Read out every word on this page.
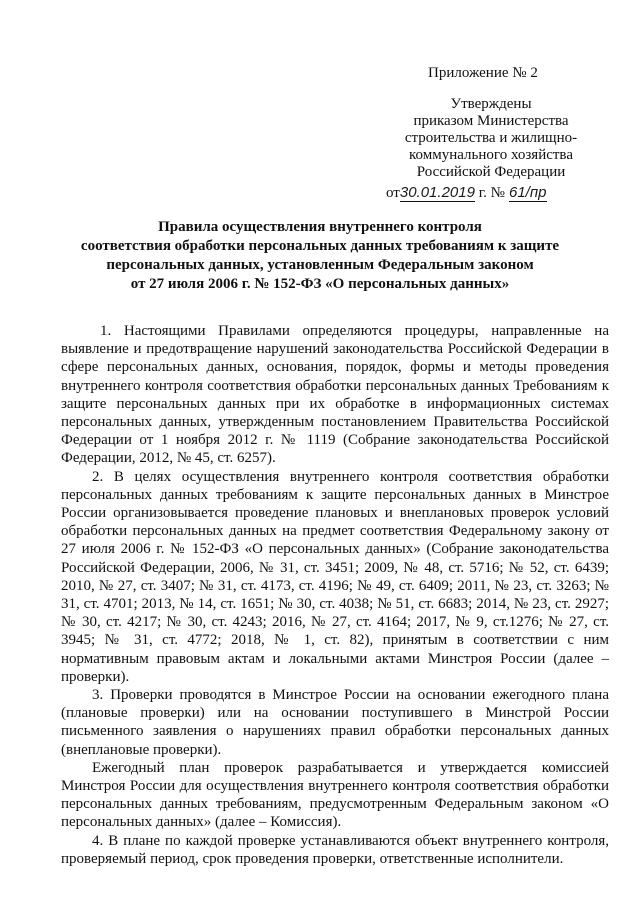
Приложение № 2
Утверждены
приказом Министерства
строительства и жилищно-
коммунального хозяйства
Российской Федерации
от30.01.2019 г. № 61/пр
Правила осуществления внутреннего контроля
соответствия обработки персональных данных требованиям к защите
персональных данных, установленным Федеральным законом
от 27 июля 2006 г. № 152-ФЗ «О персональных данных»

1. Настоящими Правилами определяются процедуры, направленные на выявление и предотвращение нарушений законодательства Российской Федерации в сфере персональных данных, основания, порядок, формы и методы проведения внутреннего контроля соответствия обработки персональных данных Требованиям к защите персональных данных при их обработке в информационных системах персональных данных, утвержденным постановлением Правительства Российской Федерации от 1 ноября 2012 г. № 1119 (Собрание законодательства Российской Федерации, 2012, № 45, ст. 6257).

2. В целях осуществления внутреннего контроля соответствия обработки персональных данных требованиям к защите персональных данных в Минстрое России организовывается проведение плановых и внеплановых проверок условий обработки персональных данных на предмет соответствия Федеральному закону от 27 июля 2006 г. № 152-ФЗ «О персональных данных» (Собрание законодательства Российской Федерации, 2006, № 31, ст. 3451; 2009, № 48, ст. 5716; № 52, ст. 6439; 2010, № 27, ст. 3407; № 31, ст. 4173, ст. 4196; № 49, ст. 6409; 2011, № 23, ст. 3263; № 31, ст. 4701; 2013, № 14, ст. 1651; № 30, ст. 4038; № 51, ст. 6683; 2014, № 23, ст. 2927; № 30, ст. 4217; № 30, ст. 4243; 2016, № 27, ст. 4164; 2017, № 9, ст.1276; № 27, ст. 3945; № 31, ст. 4772; 2018, № 1, ст. 82), принятым в соответствии с ним нормативным правовым актам и локальными актами Минстроя России (далее – проверки).

3. Проверки проводятся в Минстрое России на основании ежегодного плана (плановые проверки) или на основании поступившего в Минстрой России письменного заявления о нарушениях правил обработки персональных данных (внеплановые проверки).

Ежегодный план проверок разрабатывается и утверждается комиссией Минстроя России для осуществления внутреннего контроля соответствия обработки персональных данных требованиям, предусмотренным Федеральным законом «О персональных данных» (далее – Комиссия).

4. В плане по каждой проверке устанавливаются объект внутреннего контроля, проверяемый период, срок проведения проверки, ответственные исполнители.
